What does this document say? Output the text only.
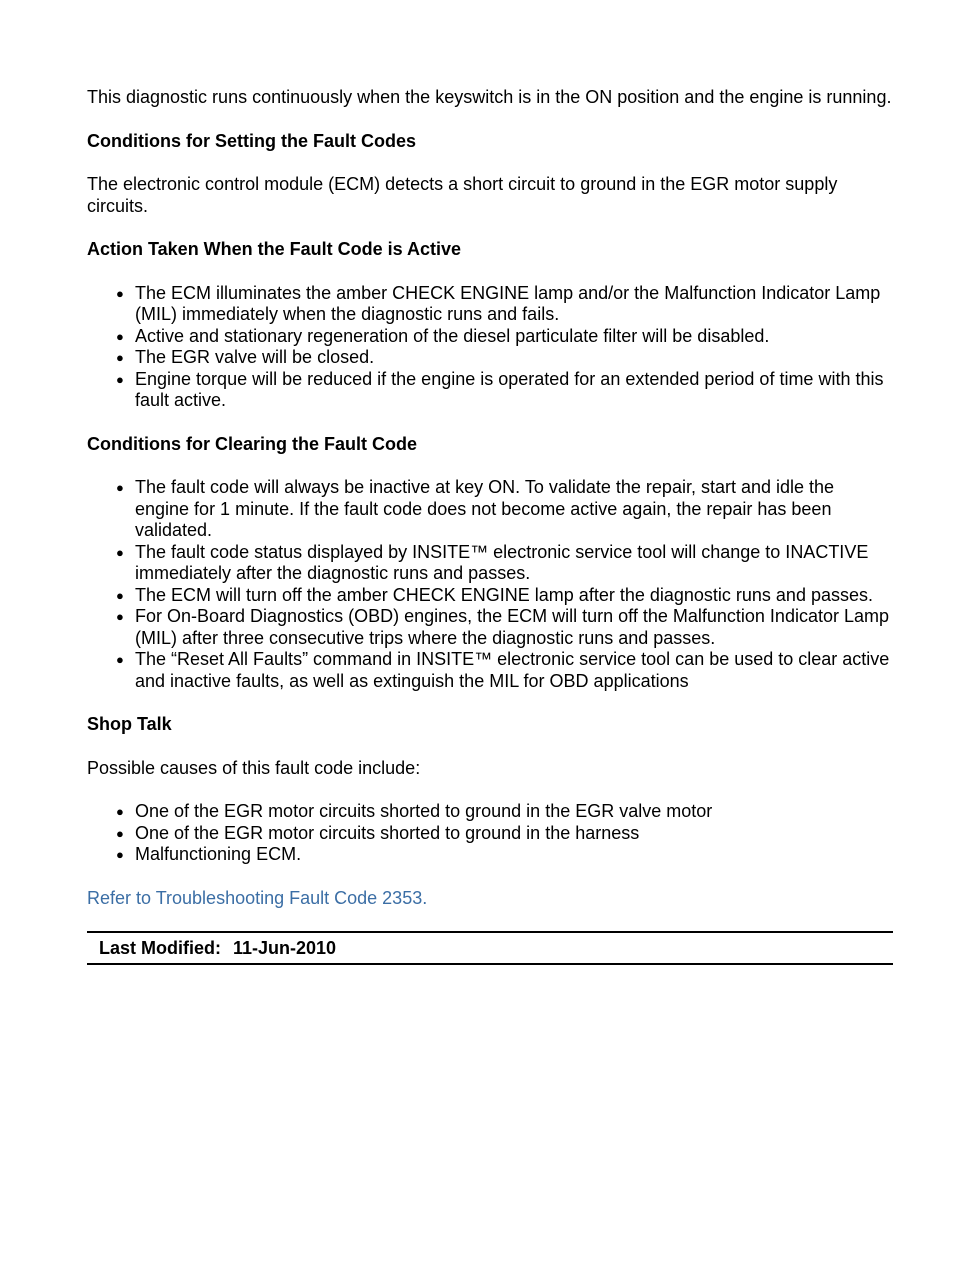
This diagnostic runs continuously when the keyswitch is in the ON position and the engine is running.

Conditions for Setting the Fault Codes

The electronic control module (ECM) detects a short circuit to ground in the EGR motor supply circuits.

Action Taken When the Fault Code is Active
● The ECM illuminates the amber CHECK ENGINE lamp and/or the Malfunction Indicator Lamp (MIL) immediately when the diagnostic runs and fails.
● Active and stationary regeneration of the diesel particulate filter will be disabled.
● The EGR valve will be closed.
● Engine torque will be reduced if the engine is operated for an extended period of time with this fault active.
Conditions for Clearing the Fault Code
● The fault code will always be inactive at key ON. To validate the repair, start and idle the engine for 1 minute. If the fault code does not become active again, the repair has been validated.
● The fault code status displayed by INSITE™ electronic service tool will change to INACTIVE immediately after the diagnostic runs and passes.
● The ECM will turn off the amber CHECK ENGINE lamp after the diagnostic runs and passes.
● For On-Board Diagnostics (OBD) engines, the ECM will turn off the Malfunction Indicator Lamp (MIL) after three consecutive trips where the diagnostic runs and passes.
● The “Reset All Faults” command in INSITE™ electronic service tool can be used to clear active and inactive faults, as well as extinguish the MIL for OBD applications
Shop Talk

Possible causes of this fault code include:

● One of the EGR motor circuits shorted to ground in the EGR valve motor
● One of the EGR motor circuits shorted to ground in the harness
● Malfunctioning ECM.
Refer to Troubleshooting Fault Code 2353.
Last Modified: 11-Jun-2010
